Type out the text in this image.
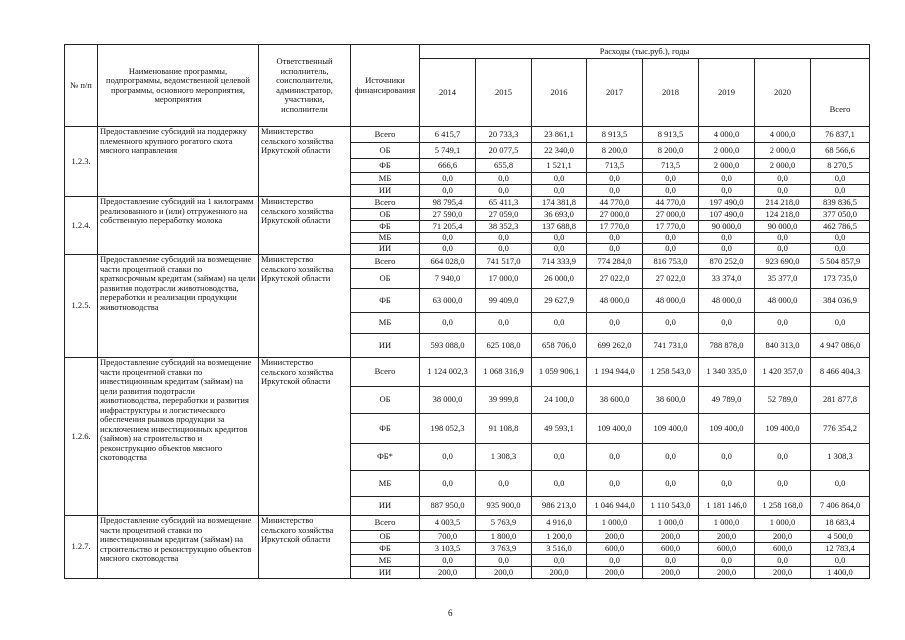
№ п/п	Наименование программы, подпрограммы, ведомственной целевой программы, основного мероприятия, мероприятия	Ответственный исполнитель, соисполнители, администратор, участники, исполнители	Источники финансирования	Расходы (тыс.руб.), годы							
				2014	2015	2016	2017	2018	2019	2020	Всего
1.2.3.	Предоставление субсидий на поддержку племенного крупного рогатого скота мясного направления	Министерство сельского хозяйства Иркутской области	Всего	6 415,7	20 733,3	23 861,1	8 913,5	8 913,5	4 000,0	4 000,0	76 837,1
			ОБ	5 749,1	20 077,5	22 340,0	8 200,0	8 200,0	2 000,0	2 000,0	68 566,6
			ФБ	666,6	655,8	1 521,1	713,5	713,5	2 000,0	2 000,0	8 270,5
			МБ	0,0	0,0	0,0	0,0	0,0	0,0	0,0	0,0
			ИИ	0,0	0,0	0,0	0,0	0,0	0,0	0,0	0,0
1.2.4.	Предоставление субсидий на 1 килограмм реализованного и (или) отгруженного на собственную переработку молока	Министерство сельского хозяйства Иркутской области	Всего	98 795,4	65 411,3	174 381,8	44 770,0	44 770,0	197 490,0	214 218,0	839 836,5
			ОБ	27 590,0	27 059,0	36 693,0	27 000,0	27 000,0	107 490,0	124 218,0	377 050,0
			ФБ	71 205,4	38 352,3	137 688,8	17 770,0	17 770,0	90 000,0	90 000,0	462 786,5
			МБ	0,0	0,0	0,0	0,0	0,0	0,0	0,0	0,0
			ИИ	0,0	0,0	0,0	0,0	0,0	0,0	0,0	0,0
1.2.5.	Предоставление субсидий на возмещение части процентной ставки по краткосрочным кредитам (займам) на цели развития подотрасли животноводства, переработки и реализации продукции животноводства	Министерство сельского хозяйства Иркутской области	Всего	664 028,0	741 517,0	714 333,9	774 284,0	816 753,0	870 252,0	923 690,0	5 504 857,9
			ОБ	7 940,0	17 000,0	26 000,0	27 022,0	27 022,0	33 374,0	35 377,0	173 735,0
			ФБ	63 000,0	99 409,0	29 627,9	48 000,0	48 000,0	48 000,0	48 000,0	384 036,9
			МБ	0,0	0,0	0,0	0,0	0,0	0,0	0,0	0,0
			ИИ	593 088,0	625 108,0	658 706,0	699 262,0	741 731,0	788 878,0	840 313,0	4 947 086,0
1.2.6.	Предоставление субсидий на возмещение части процентной ставки по инвестиционным кредитам (займам) на цели развития подотрасли животноводства, переработки и развития инфраструктуры и логистического обеспечения рынков продукции за исключением инвестиционных кредитов (займов) на строительство и реконструкцию объектов мясного скотоводства	Министерство сельского хозяйства Иркутской области	Всего	1 124 002,3	1 068 316,9	1 059 906,1	1 194 944,0	1 258 543,0	1 340 335,0	1 420 357,0	8 466 404,3
			ОБ	38 000,0	39 999,8	24 100,0	38 600,0	38 600,0	49 789,0	52 789,0	281 877,8
			ФБ	198 052,3	91 108,8	49 593,1	109 400,0	109 400,0	109 400,0	109 400,0	776 354,2
			ФБ*	0,0	1 308,3	0,0	0,0	0,0	0,0	0,0	1 308,3
			МБ	0,0	0,0	0,0	0,0	0,0	0,0	0,0	0,0
			ИИ	887 950,0	935 900,0	986 213,0	1 046 944,0	1 110 543,0	1 181 146,0	1 258 168,0	7 406 864,0
1.2.7.	Предоставление субсидий на возмещение части процентной ставки по инвестиционным кредитам (займам) на строительство и реконструкцию объектов мясного скотоводства	Министерство сельского хозяйства Иркутской области	Всего	4 003,5	5 763,9	4 916,0	1 000,0	1 000,0	1 000,0	1 000,0	18 683,4
			ОБ	700,0	1 800,0	1 200,0	200,0	200,0	200,0	200,0	4 500,0
			ФБ	3 103,5	3 763,9	3 516,0	600,0	600,0	600,0	600,0	12 783,4
			МБ	0,0	0,0	0,0	0,0	0,0	0,0	0,0	0,0
			ИИ	200,0	200,0	200,0	200,0	200,0	200,0	200,0	1 400,0
6
